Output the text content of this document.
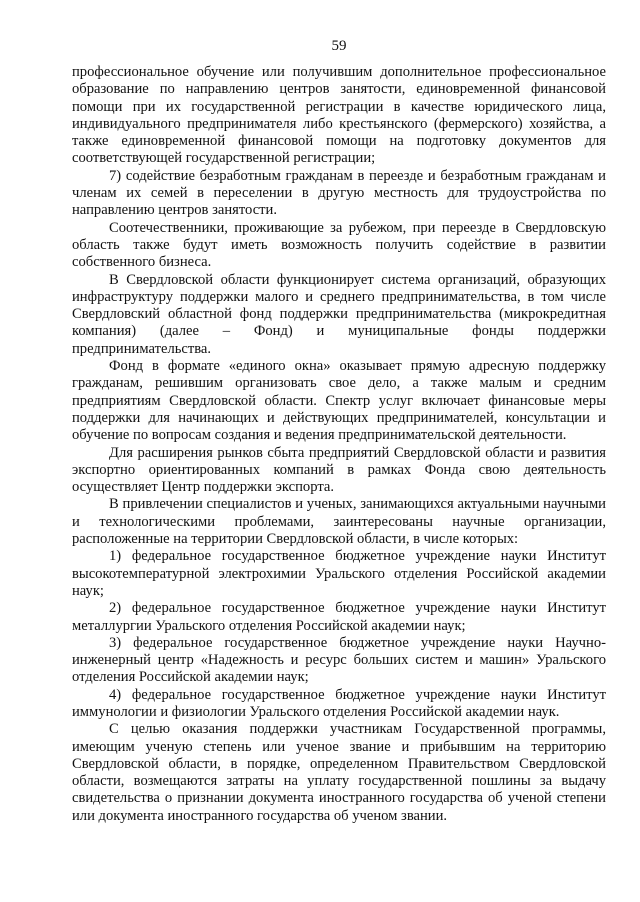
59

профессиональное обучение или получившим дополнительное профессиональное образование по направлению центров занятости, единовременной финансовой помощи при их государственной регистрации в качестве юридического лица, индивидуального предпринимателя либо крестьянского (фермерского) хозяйства, а также единовременной финансовой помощи на подготовку документов для соответствующей государственной регистрации;

7) содействие безработным гражданам в переезде и безработным гражданам и членам их семей в переселении в другую местность для трудоустройства по направлению центров занятости.

Соотечественники, проживающие за рубежом, при переезде в Свердловскую область также будут иметь возможность получить содействие в развитии собственного бизнеса.

В Свердловской области функционирует система организаций, образующих инфраструктуру поддержки малого и среднего предпринимательства, в том числе Свердловский областной фонд поддержки предпринимательства (микрокредитная компания) (далее – Фонд) и муниципальные фонды поддержки предпринимательства.

Фонд в формате «единого окна» оказывает прямую адресную поддержку гражданам, решившим организовать свое дело, а также малым и средним предприятиям Свердловской области. Спектр услуг включает финансовые меры поддержки для начинающих и действующих предпринимателей, консультации и обучение по вопросам создания и ведения предпринимательской деятельности.

Для расширения рынков сбыта предприятий Свердловской области и развития экспортно ориентированных компаний в рамках Фонда свою деятельность осуществляет Центр поддержки экспорта.

В привлечении специалистов и ученых, занимающихся актуальными научными и технологическими проблемами, заинтересованы научные организации, расположенные на территории Свердловской области, в числе которых:

1) федеральное государственное бюджетное учреждение науки Институт высокотемпературной электрохимии Уральского отделения Российской академии наук;

2) федеральное государственное бюджетное учреждение науки Институт металлургии Уральского отделения Российской академии наук;

3) федеральное государственное бюджетное учреждение науки Научно-инженерный центр «Надежность и ресурс больших систем и машин» Уральского отделения Российской академии наук;

4) федеральное государственное бюджетное учреждение науки Институт иммунологии и физиологии Уральского отделения Российской академии наук.

С целью оказания поддержки участникам Государственной программы, имеющим ученую степень или ученое звание и прибывшим на территорию Свердловской области, в порядке, определенном Правительством Свердловской области, возмещаются затраты на уплату государственной пошлины за выдачу свидетельства о признании документа иностранного государства об ученой степени или документа иностранного государства об ученом звании.
